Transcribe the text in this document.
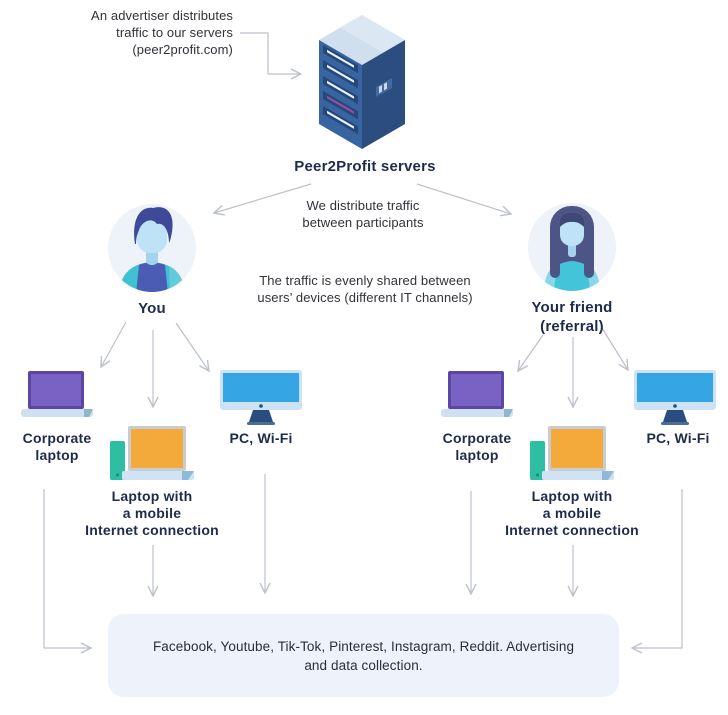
An advertiser distributes
traffic to our servers
(peer2profit.com)
Peer2Profit servers
We distribute traffic
between participants
You	Your friend
(referral)
The traffic is evenly shared between
users’ devices (different IT channels)
Corporate
laptop
Laptop with
a mobile
Internet connection
PC, Wi-Fi	Corporate
laptop
Laptop with
a mobile
Internet connection
PC, Wi-Fi
Facebook, Youtube, Tik-Tok, Pinterest, Instagram, Reddit. Advertising
and data collection.
